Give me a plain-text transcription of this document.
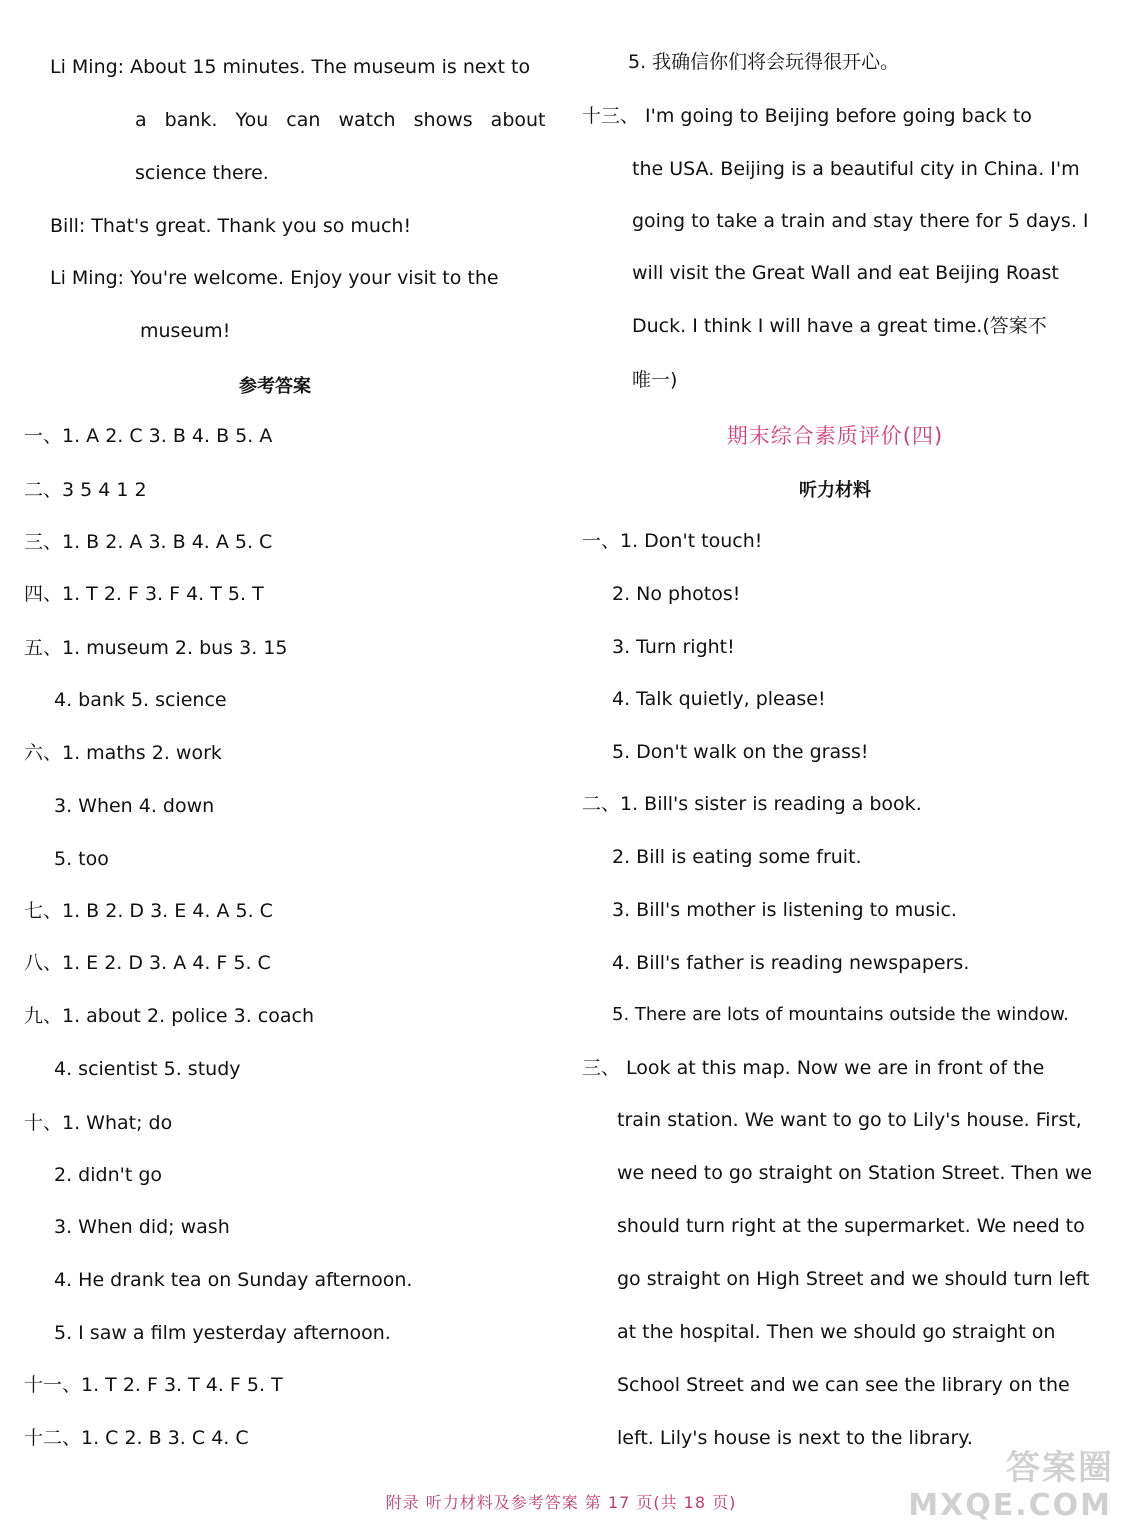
Li Ming: About 15 minutes. The museum is next to
a bank. You can watch shows about
science there.
Bill: That's great. Thank you so much!
Li Ming: You're welcome. Enjoy your visit to the
museum!
参考答案
一、1. A 2. C 3. B 4. B 5. A
二、3 5 4 1 2
三、1. B 2. A 3. B 4. A 5. C
四、1. T 2. F 3. F 4. T 5. T
五、1. museum 2. bus 3. 15
4. bank 5. science
六、1. maths 2. work
3. When 4. down
5. too
七、1. B 2. D 3. E 4. A 5. C
八、1. E 2. D 3. A 4. F 5. C
九、1. about 2. police 3. coach
4. scientist 5. study
十、1. What; do
2. didn't go
3. When did; wash
4. He drank tea on Sunday afternoon.
5. I saw a film yesterday afternoon.
十一、1. T 2. F 3. T 4. F 5. T
十二、1. C 2. B 3. C 4. C
5. 我确信你们将会玩得很开心。
十三、 I'm going to Beijing before going back to
the USA. Beijing is a beautiful city in China. I'm
going to take a train and stay there for 5 days. I
will visit the Great Wall and eat Beijing Roast
Duck. I think I will have a great time.(答案不
唯一)
期末综合素质评价(四)
听力材料
一、1. Don't touch!
2. No photos!
3. Turn right!
4. Talk quietly, please!
5. Don't walk on the grass!
二、1. Bill's sister is reading a book.
2. Bill is eating some fruit.
3. Bill's mother is listening to music.
4. Bill's father is reading newspapers.
5. There are lots of mountains outside the window.
三、 Look at this map. Now we are in front of the
train station. We want to go to Lily's house. First,
we need to go straight on Station Street. Then we
should turn right at the supermarket. We need to
go straight on High Street and we should turn left
at the hospital. Then we should go straight on
School Street and we can see the library on the
left. Lily's house is next to the library.
附录 听力材料及参考答案 第 17 页(共 18 页)
答案圈
MXQE.COM
